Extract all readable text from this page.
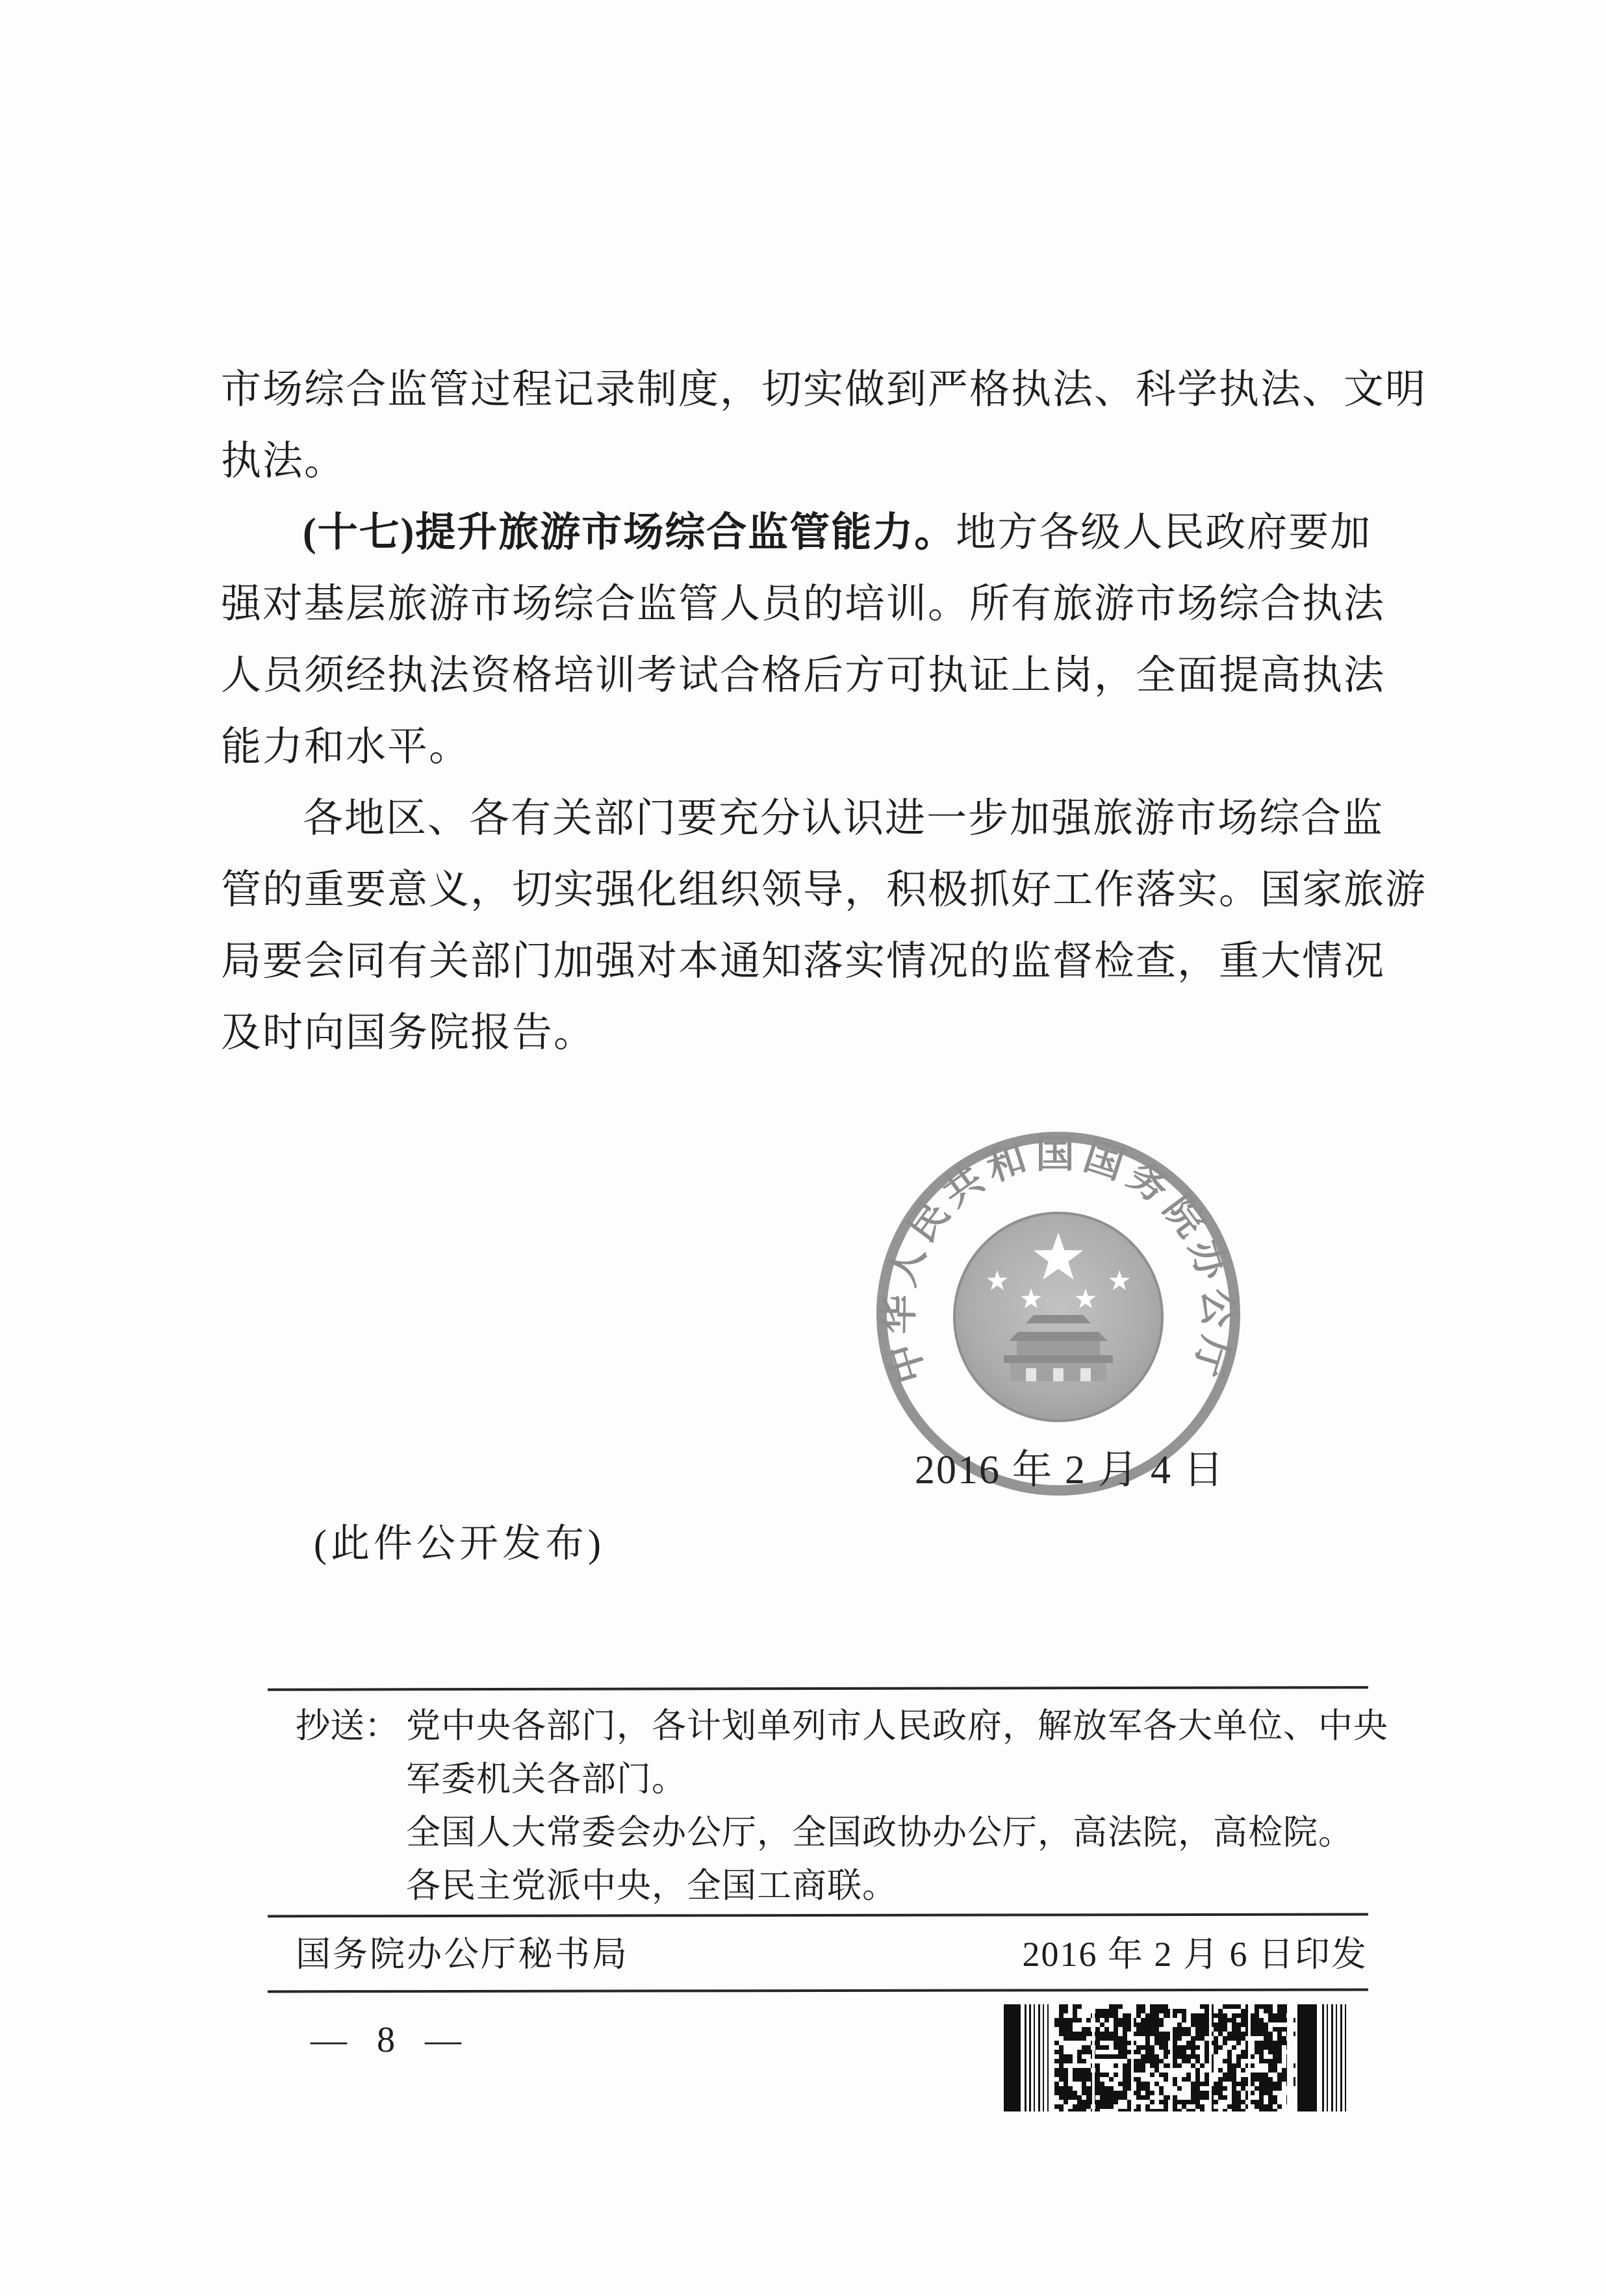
市场综合监管过程记录制度，切实做到严格执法、科学执法、文明
执法。
(十七)提升旅游市场综合监管能力。地方各级人民政府要加
强对基层旅游市场综合监管人员的培训。所有旅游市场综合执法
人员须经执法资格培训考试合格后方可执证上岗，全面提高执法
能力和水平。
各地区、各有关部门要充分认识进一步加强旅游市场综合监
管的重要意义，切实强化组织领导，积极抓好工作落实。国家旅游
局要会同有关部门加强对本通知落实情况的监督检查，重大情况
及时向国务院报告。
中华人民共和国国务院办公厅
2016 年 2 月 4 日
(此件公开发布)
抄送： 党中央各部门，各计划单列市人民政府，解放军各大单位、中央
军委机关各部门。
全国人大常委会办公厅，全国政协办公厅，高法院，高检院。
各民主党派中央，全国工商联。
国务院办公厅秘书局	2016 年 2 月 6 日印发
— 8 —
